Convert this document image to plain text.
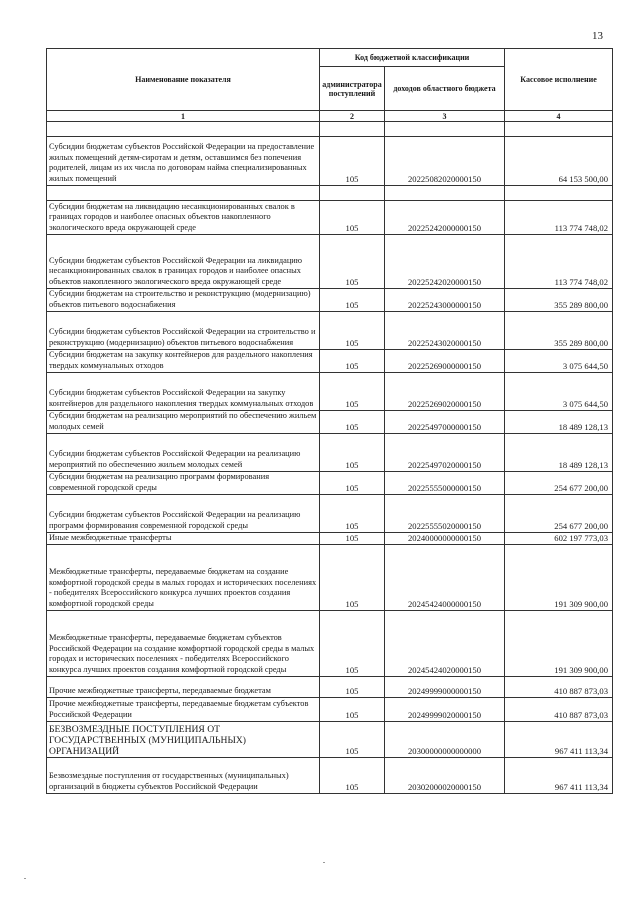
13
Наименование показателя	Код бюджетной классификации		Кассовое исполнение
	администратора поступлений	доходов областного бюджета	
1	2	3	4

Субсидии бюджетам субъектов Российской Федерации на предоставление жилых помещений детям-сиротам и детям, оставшимся без попечения родителей, лицам из их числа по договорам найма специализированных жилых помещений	105	20225082020000150	64 153 500,00

Субсидии бюджетам на ликвидацию несанкционированных свалок в границах городов и наиболее опасных объектов накопленного экологического вреда окружающей среде	105	20225242000000150	113 774 748,02
Субсидии бюджетам субъектов Российской Федерации на ликвидацию несанкционированных свалок в границах городов и наиболее опасных объектов накопленного экологического вреда окружающей среде	105	20225242020000150	113 774 748,02
Субсидии бюджетам на строительство и реконструкцию (модернизацию) объектов питьевого водоснабжения	105	20225243000000150	355 289 800,00
Субсидии бюджетам субъектов Российской Федерации на строительство и реконструкцию (модернизацию) объектов питьевого водоснабжения	105	20225243020000150	355 289 800,00
Субсидии бюджетам на закупку контейнеров для раздельного накопления твердых коммунальных отходов	105	20225269000000150	3 075 644,50
Субсидии бюджетам субъектов Российской Федерации на закупку контейнеров для раздельного накопления твердых коммунальных отходов	105	20225269020000150	3 075 644,50
Субсидии бюджетам на реализацию мероприятий по обеспечению жильем молодых семей	105	20225497000000150	18 489 128,13
Субсидии бюджетам субъектов Российской Федерации на реализацию мероприятий по обеспечению жильем молодых семей	105	20225497020000150	18 489 128,13
Субсидии бюджетам на реализацию программ формирования современной городской среды	105	20225555000000150	254 677 200,00
Субсидии бюджетам субъектов Российской Федерации на реализацию программ формирования современной городской среды	105	20225555020000150	254 677 200,00
Иные межбюджетные трансферты	105	20240000000000150	602 197 773,03
Межбюджетные трансферты, передаваемые бюджетам на создание комфортной городской среды в малых городах и исторических поселениях - победителях Всероссийского конкурса лучших проектов создания комфортной городской среды	105	20245424000000150	191 309 900,00
Межбюджетные трансферты, передаваемые бюджетам субъектов Российской Федерации на создание комфортной городской среды в малых городах и исторических поселениях - победителях Всероссийского конкурса лучших проектов создания комфортной городской среды	105	20245424020000150	191 309 900,00
Прочие межбюджетные трансферты, передаваемые бюджетам	105	20249999000000150	410 887 873,03
Прочие межбюджетные трансферты, передаваемые бюджетам субъектов Российской Федерации	105	20249999020000150	410 887 873,03
БЕЗВОЗМЕЗДНЫЕ ПОСТУПЛЕНИЯ ОТ ГОСУДАРСТВЕННЫХ (МУНИЦИПАЛЬНЫХ) ОРГАНИЗАЦИЙ	105	20300000000000000	967 411 113,34
Безвозмездные поступления от государственных (муниципальных) организаций в бюджеты субъектов Российской Федерации	105	20302000020000150	967 411 113,34
